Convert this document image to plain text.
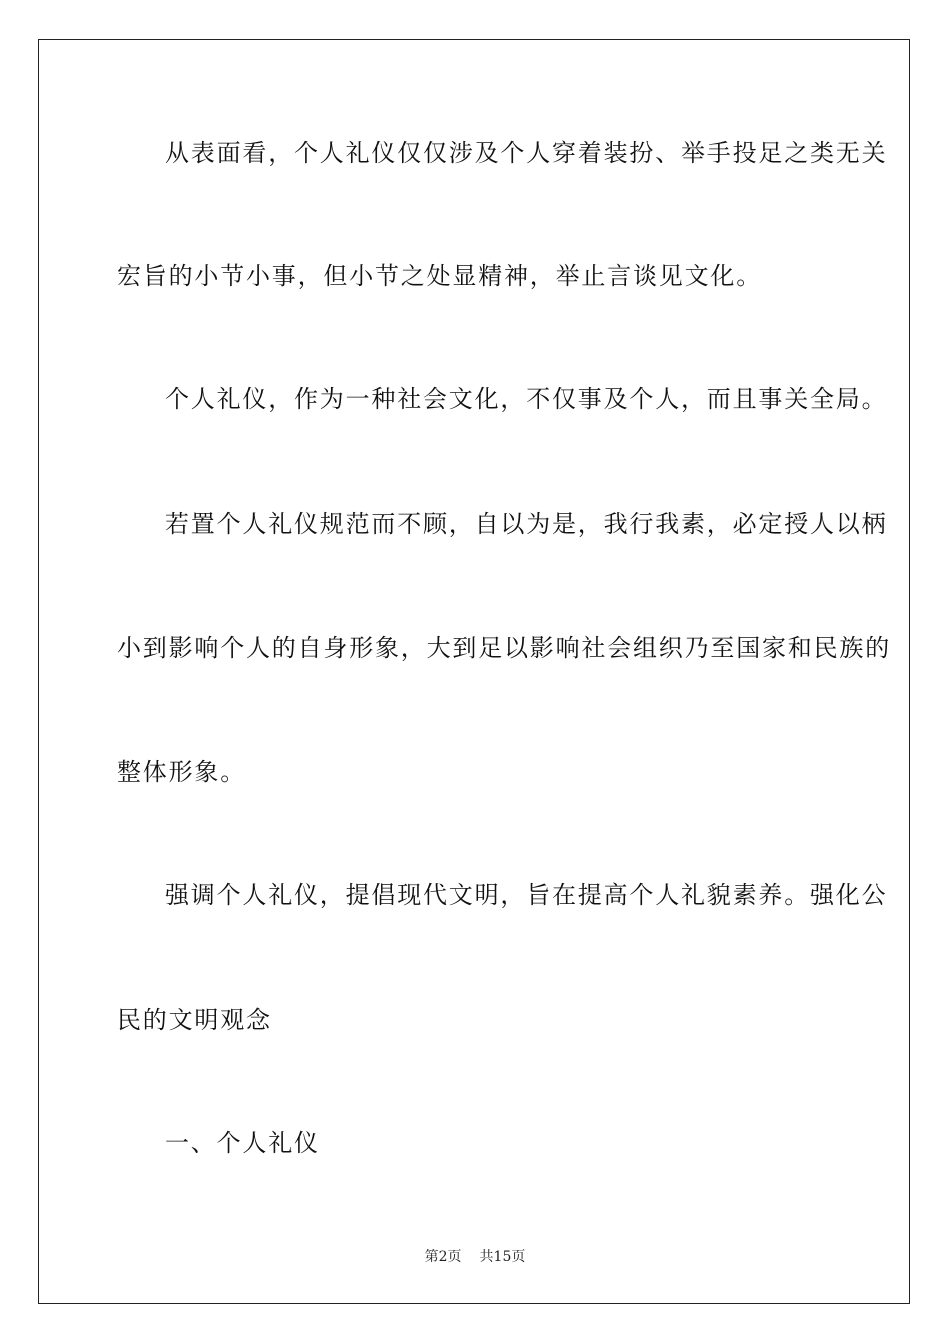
从表面看，个人礼仪仅仅涉及个人穿着装扮、举手投足之类无关
宏旨的小节小事，但小节之处显精神，举止言谈见文化。
个人礼仪，作为一种社会文化，不仅事及个人，而且事关全局。
若置个人礼仪规范而不顾，自以为是，我行我素，必定授人以柄
小到影响个人的自身形象，大到足以影响社会组织乃至国家和民族的
整体形象。
强调个人礼仪，提倡现代文明，旨在提高个人礼貌素养。强化公
民的文明观念
一、个人礼仪
第2页 共15页
